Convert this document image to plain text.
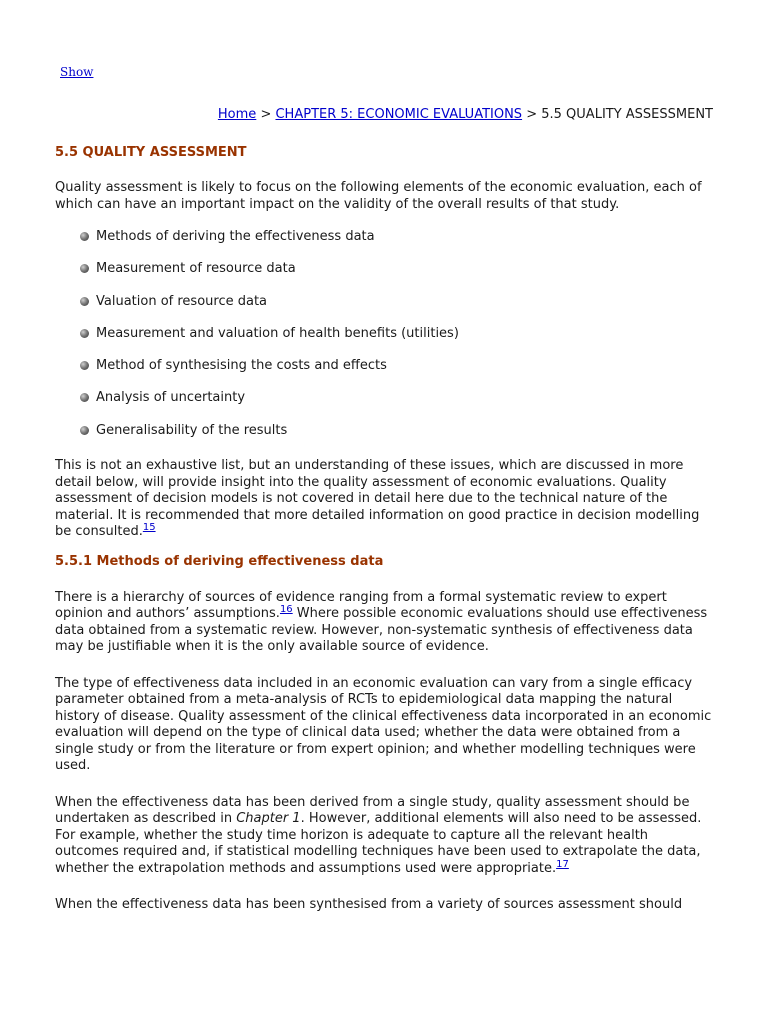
Show
Home > CHAPTER 5: ECONOMIC EVALUATIONS > 5.5 QUALITY ASSESSMENT
5.5 QUALITY ASSESSMENT

Quality assessment is likely to focus on the following elements of the economic evaluation, each of which can have an important impact on the validity of the overall results of that study.

Methods of deriving the effectiveness data
Measurement of resource data
Valuation of resource data
Measurement and valuation of health benefits (utilities)
Method of synthesising the costs and effects
Analysis of uncertainty
Generalisability of the results

This is not an exhaustive list, but an understanding of these issues, which are discussed in more detail below, will provide insight into the quality assessment of economic evaluations. Quality assessment of decision models is not covered in detail here due to the technical nature of the material. It is recommended that more detailed information on good practice in decision modelling be consulted.$^{15}$

5.5.1 Methods of deriving effectiveness data

There is a hierarchy of sources of evidence ranging from a formal systematic review to expert opinion and authors’ assumptions.$^{16}$ Where possible economic evaluations should use effectiveness data obtained from a systematic review. However, non-systematic synthesis of effectiveness data may be justifiable when it is the only available source of evidence.

The type of effectiveness data included in an economic evaluation can vary from a single efficacy parameter obtained from a meta-analysis of RCTs to epidemiological data mapping the natural history of disease. Quality assessment of the clinical effectiveness data incorporated in an economic evaluation will depend on the type of clinical data used; whether the data were obtained from a single study or from the literature or from expert opinion; and whether modelling techniques were used.

When the effectiveness data has been derived from a single study, quality assessment should be undertaken as described in Chapter 1. However, additional elements will also need to be assessed. For example, whether the study time horizon is adequate to capture all the relevant health outcomes required and, if statistical modelling techniques have been used to extrapolate the data, whether the extrapolation methods and assumptions used were appropriate.$^{17}$

When the effectiveness data has been synthesised from a variety of sources assessment should
